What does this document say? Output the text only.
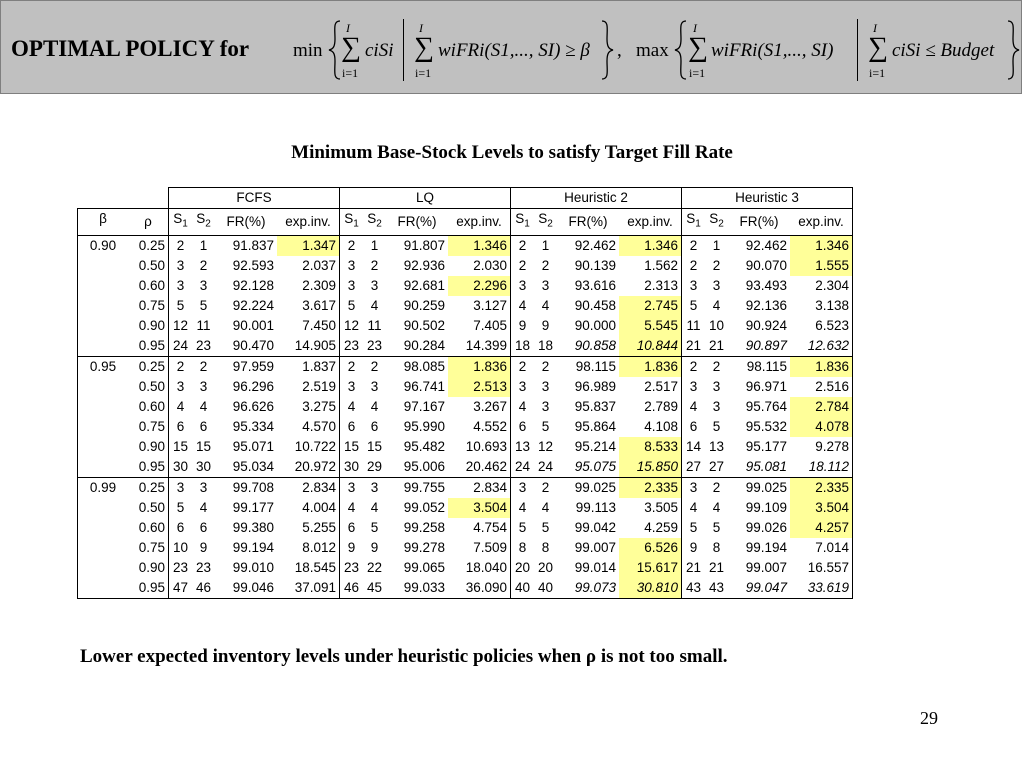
OPTIMAL POLICY for min
I
∑
i=1
ciSi
I
∑
i=1
wiFRi(S1,..., SI) ≥ β , max
I
∑
i=1
wiFRi(S1,..., SI)
I
∑
i=1
ciSi ≤ Budget
Minimum Base-Stock Levels to satisfy Target Fill Rate
		FCFS				LQ				Heuristic 2				Heuristic 3			
β	ρ	$S_1$	$S_2$	FR(%)	exp.inv.	$S_1$	$S_2$	FR(%)	exp.inv.	$S_1$	$S_2$	FR(%)	exp.inv.	$S_1$	$S_2$	FR(%)	exp.inv.
0.90	0.25	2	1	91.837	1.347	2	1	91.807	1.346	2	1	92.462	1.346	2	1	92.462	1.346
	0.50	3	2	92.593	2.037	3	2	92.936	2.030	2	2	90.139	1.562	2	2	90.070	1.555
	0.60	3	3	92.128	2.309	3	3	92.681	2.296	3	3	93.616	2.313	3	3	93.493	2.304
	0.75	5	5	92.224	3.617	5	4	90.259	3.127	4	4	90.458	2.745	5	4	92.136	3.138
	0.90	12	11	90.001	7.450	12	11	90.502	7.405	9	9	90.000	5.545	11	10	90.924	6.523
	0.95	24	23	90.470	14.905	23	23	90.284	14.399	18	18	90.858	10.844	21	21	90.897	12.632
0.95	0.25	2	2	97.959	1.837	2	2	98.085	1.836	2	2	98.115	1.836	2	2	98.115	1.836
	0.50	3	3	96.296	2.519	3	3	96.741	2.513	3	3	96.989	2.517	3	3	96.971	2.516
	0.60	4	4	96.626	3.275	4	4	97.167	3.267	4	3	95.837	2.789	4	3	95.764	2.784
	0.75	6	6	95.334	4.570	6	6	95.990	4.552	6	5	95.864	4.108	6	5	95.532	4.078
	0.90	15	15	95.071	10.722	15	15	95.482	10.693	13	12	95.214	8.533	14	13	95.177	9.278
	0.95	30	30	95.034	20.972	30	29	95.006	20.462	24	24	95.075	15.850	27	27	95.081	18.112
0.99	0.25	3	3	99.708	2.834	3	3	99.755	2.834	3	2	99.025	2.335	3	2	99.025	2.335
	0.50	5	4	99.177	4.004	4	4	99.052	3.504	4	4	99.113	3.505	4	4	99.109	3.504
	0.60	6	6	99.380	5.255	6	5	99.258	4.754	5	5	99.042	4.259	5	5	99.026	4.257
	0.75	10	9	99.194	8.012	9	9	99.278	7.509	8	8	99.007	6.526	9	8	99.194	7.014
	0.90	23	23	99.010	18.545	23	22	99.065	18.040	20	20	99.014	15.617	21	21	99.007	16.557
	0.95	47	46	99.046	37.091	46	45	99.033	36.090	40	40	99.073	30.810	43	43	99.047	33.619
Lower expected inventory levels under heuristic policies when ρ is not too small.
29
